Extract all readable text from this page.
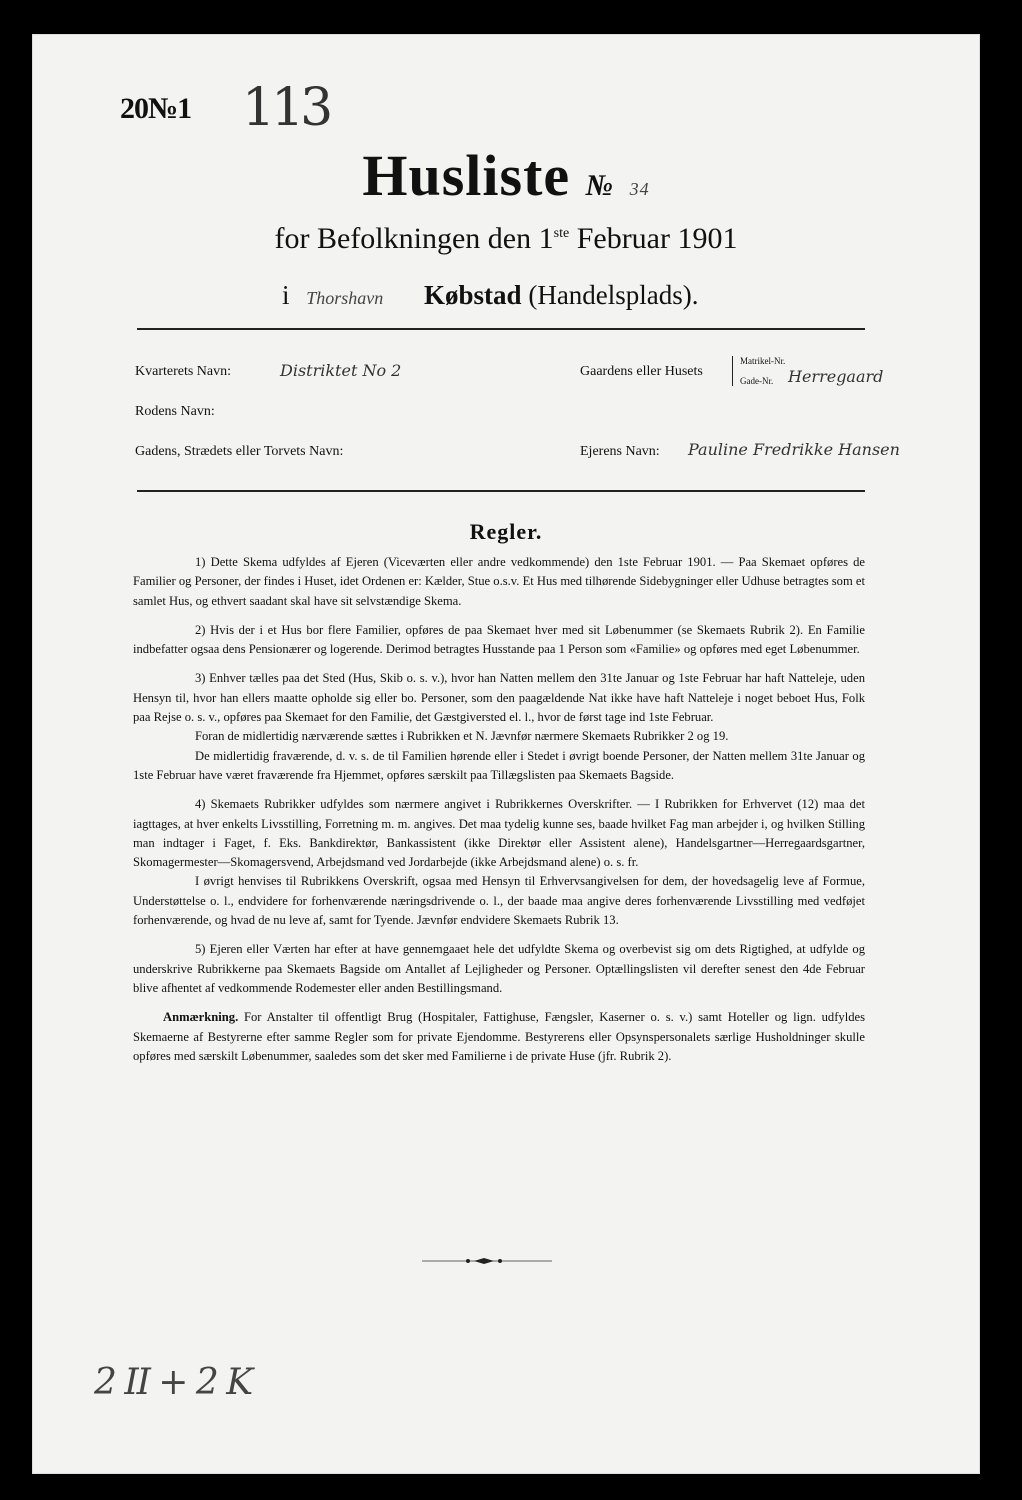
20№1 113
Husliste № 34
for Befolkningen den 1ste Februar 1901
i Thorshavn Købstad (Handelsplads).
Kvarterets Navn:	Distriktet No 2	Gaardens eller Husets
Matrikel-Nr.
Gade-Nr. Herregaard
Rodens Navn:
Gadens, Strædets eller Torvets Navn:	Ejerens Navn: Pauline Fredrikke Hansen
Regler.

1) Dette Skema udfyldes af Ejeren (Viceværten eller andre vedkommende) den 1ste Februar 1901. — Paa Skemaet opføres de Familier og Personer, der findes i Huset, idet Ordenen er: Kælder, Stue o.s.v. Et Hus med tilhørende Sidebygninger eller Udhuse betragtes som et samlet Hus, og ethvert saadant skal have sit selvstændige Skema.

2) Hvis der i et Hus bor flere Familier, opføres de paa Skemaet hver med sit Løbenummer (se Skemaets Rubrik 2). En Familie indbefatter ogsaa dens Pensionærer og logerende. Derimod betragtes Husstande paa 1 Person som «Familie» og opføres med eget Løbenummer.

3) Enhver tælles paa det Sted (Hus, Skib o. s. v.), hvor han Natten mellem den 31te Januar og 1ste Februar har haft Natteleje, uden Hensyn til, hvor han ellers maatte opholde sig eller bo. Personer, som den paagældende Nat ikke have haft Natteleje i noget beboet Hus, Folk paa Rejse o. s. v., opføres paa Skemaet for den Familie, det Gæstgiversted el. l., hvor de først tage ind 1ste Februar.

Foran de midlertidig nærværende sættes i Rubrikken et N. Jævnfør nærmere Skemaets Rubrikker 2 og 19.

De midlertidig fraværende, d. v. s. de til Familien hørende eller i Stedet i øvrigt boende Personer, der Natten mellem 31te Januar og 1ste Februar have været fraværende fra Hjemmet, opføres særskilt paa Tillægslisten paa Skemaets Bagside.

4) Skemaets Rubrikker udfyldes som nærmere angivet i Rubrikkernes Overskrifter. — I Rubrikken for Erhvervet (12) maa det iagttages, at hver enkelts Livsstilling, Forretning m. m. angives. Det maa tydelig kunne ses, baade hvilket Fag man arbejder i, og hvilken Stilling man indtager i Faget, f. Eks. Bankdirektør, Bankassistent (ikke Direktør eller Assistent alene), Handelsgartner—Herregaardsgartner, Skomagermester—Skomagersvend, Arbejdsmand ved Jordarbejde (ikke Arbejdsmand alene) o. s. fr.

I øvrigt henvises til Rubrikkens Overskrift, ogsaa med Hensyn til Erhvervsangivelsen for dem, der hovedsagelig leve af Formue, Understøttelse o. l., endvidere for forhenværende næringsdrivende o. l., der baade maa angive deres forhenværende Livsstilling med vedføjet forhenværende, og hvad de nu leve af, samt for Tyende. Jævnfør endvidere Skemaets Rubrik 13.

5) Ejeren eller Værten har efter at have gennemgaaet hele det udfyldte Skema og overbevist sig om dets Rigtighed, at udfylde og underskrive Rubrikkerne paa Skemaets Bagside om Antallet af Lejligheder og Personer. Optællingslisten vil derefter senest den 4de Februar blive afhentet af vedkommende Rodemester eller anden Bestillingsmand.

Anmærkning. For Anstalter til offentligt Brug (Hospitaler, Fattighuse, Fængsler, Kaserner o. s. v.) samt Hoteller og lign. udfyldes Skemaerne af Bestyrerne efter samme Regler som for private Ejendomme. Bestyrerens eller Opsynspersonalets særlige Husholdninger skulle opføres med særskilt Løbenummer, saaledes som det sker med Familierne i de private Huse (jfr. Rubrik 2).

2 II + 2 K
